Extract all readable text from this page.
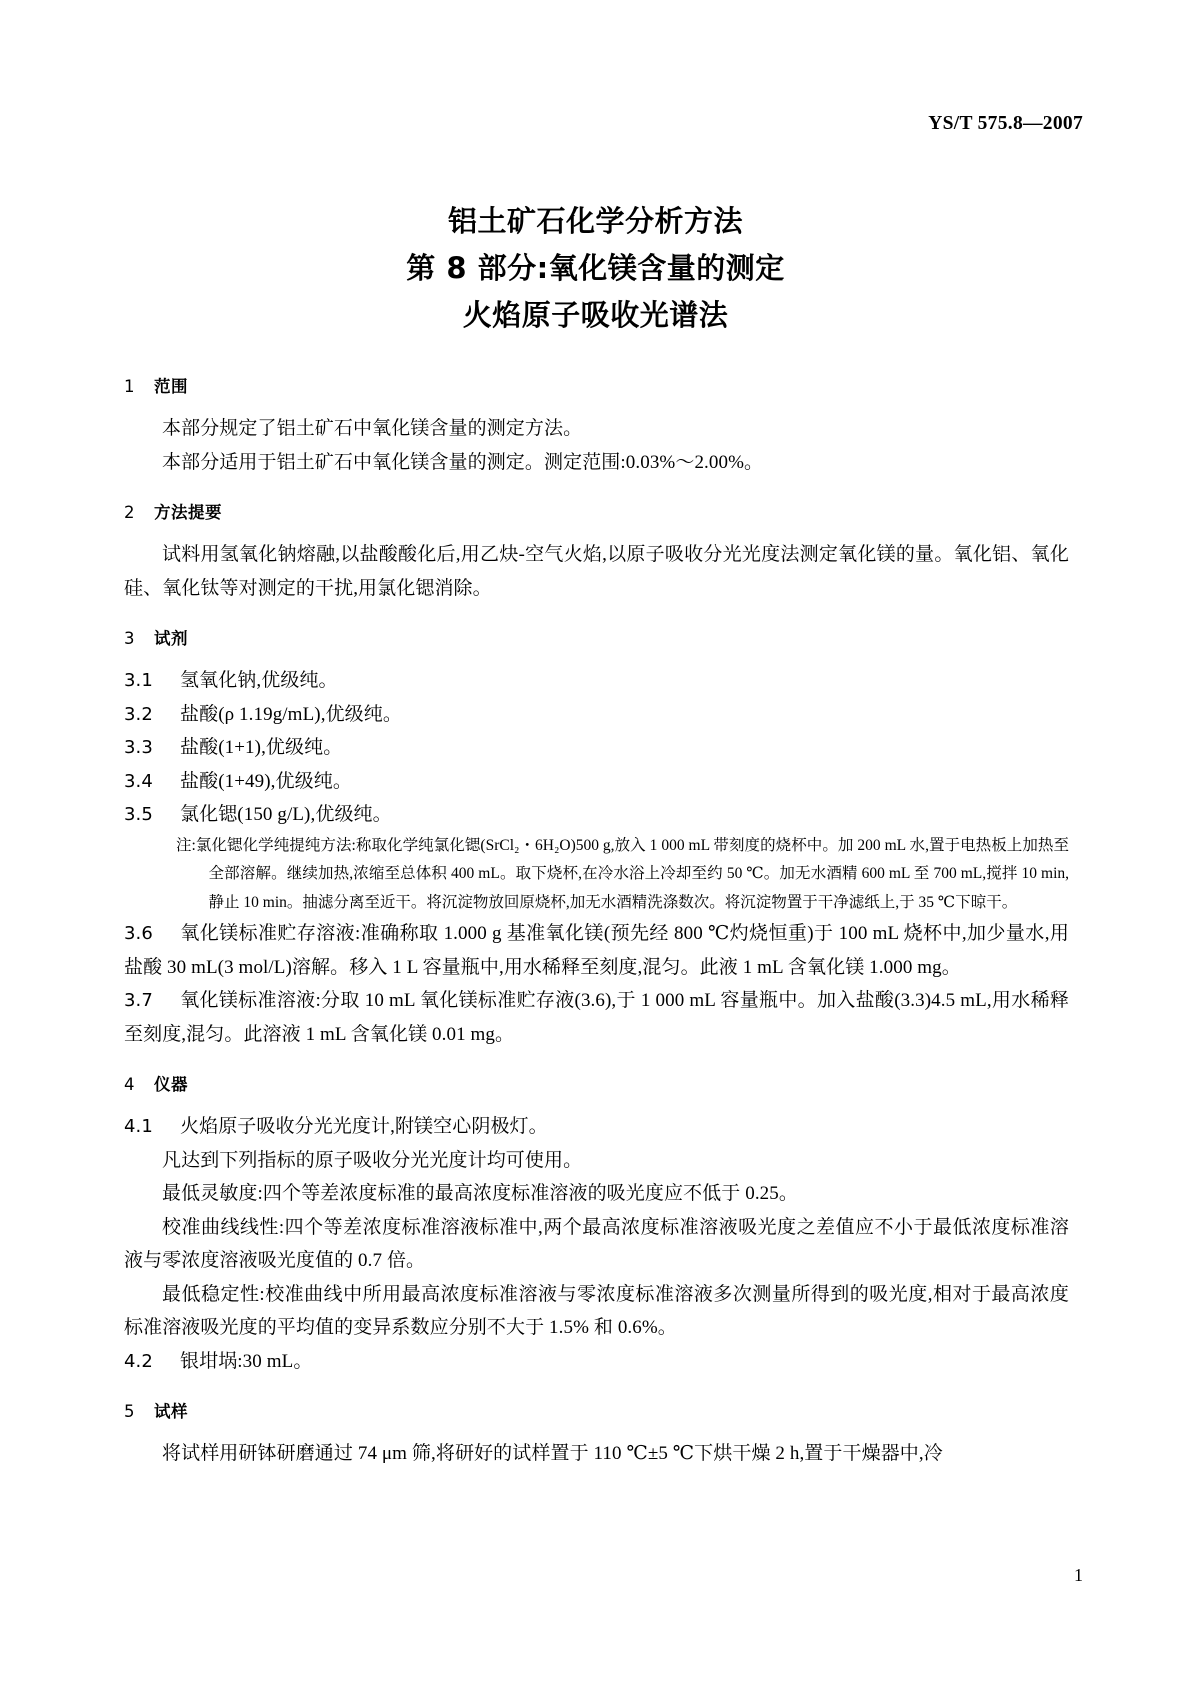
YS/T 575.8—2007
铝土矿石化学分析方法
第 8 部分:氧化镁含量的测定
火焰原子吸收光谱法
1 范围

本部分规定了铝土矿石中氧化镁含量的测定方法。

本部分适用于铝土矿石中氧化镁含量的测定。测定范围:0.03%～2.00%。

2 方法提要

试料用氢氧化钠熔融,以盐酸酸化后,用乙炔-空气火焰,以原子吸收分光光度法测定氧化镁的量。氧化铝、氧化硅、氧化钛等对测定的干扰,用氯化锶消除。

3 试剂

3.1 氢氧化钠,优级纯。

3.2 盐酸(ρ 1.19g/mL),优级纯。

3.3 盐酸(1+1),优级纯。

3.4 盐酸(1+49),优级纯。

3.5 氯化锶(150 g/L),优级纯。

注:氯化锶化学纯提纯方法:称取化学纯氯化锶(SrCl₂・6H₂O)500 g,放入 1 000 mL 带刻度的烧杯中。加 200 mL 水,置于电热板上加热至全部溶解。继续加热,浓缩至总体积 400 mL。取下烧杯,在冷水浴上冷却至约 50 ℃。加无水酒精 600 mL 至 700 mL,搅拌 10 min,静止 10 min。抽滤分离至近干。将沉淀物放回原烧杯,加无水酒精洗涤数次。将沉淀物置于干净滤纸上,于 35 ℃下晾干。

3.6 氧化镁标准贮存溶液:准确称取 1.000 g 基准氧化镁(预先经 800 ℃灼烧恒重)于 100 mL 烧杯中,加少量水,用盐酸 30 mL(3 mol/L)溶解。移入 1 L 容量瓶中,用水稀释至刻度,混匀。此液 1 mL 含氧化镁 1.000 mg。

3.7 氧化镁标准溶液:分取 10 mL 氧化镁标准贮存液(3.6),于 1 000 mL 容量瓶中。加入盐酸(3.3)4.5 mL,用水稀释至刻度,混匀。此溶液 1 mL 含氧化镁 0.01 mg。

4 仪器

4.1 火焰原子吸收分光光度计,附镁空心阴极灯。

凡达到下列指标的原子吸收分光光度计均可使用。

最低灵敏度:四个等差浓度标准的最高浓度标准溶液的吸光度应不低于 0.25。

校准曲线线性:四个等差浓度标准溶液标准中,两个最高浓度标准溶液吸光度之差值应不小于最低浓度标准溶液与零浓度溶液吸光度值的 0.7 倍。

最低稳定性:校准曲线中所用最高浓度标准溶液与零浓度标准溶液多次测量所得到的吸光度,相对于最高浓度标准溶液吸光度的平均值的变异系数应分别不大于 1.5% 和 0.6%。

4.2 银坩埚:30 mL。

5 试样

将试样用研钵研磨通过 74 μm 筛,将研好的试样置于 110 ℃±5 ℃下烘干燥 2 h,置于干燥器中,冷

1
